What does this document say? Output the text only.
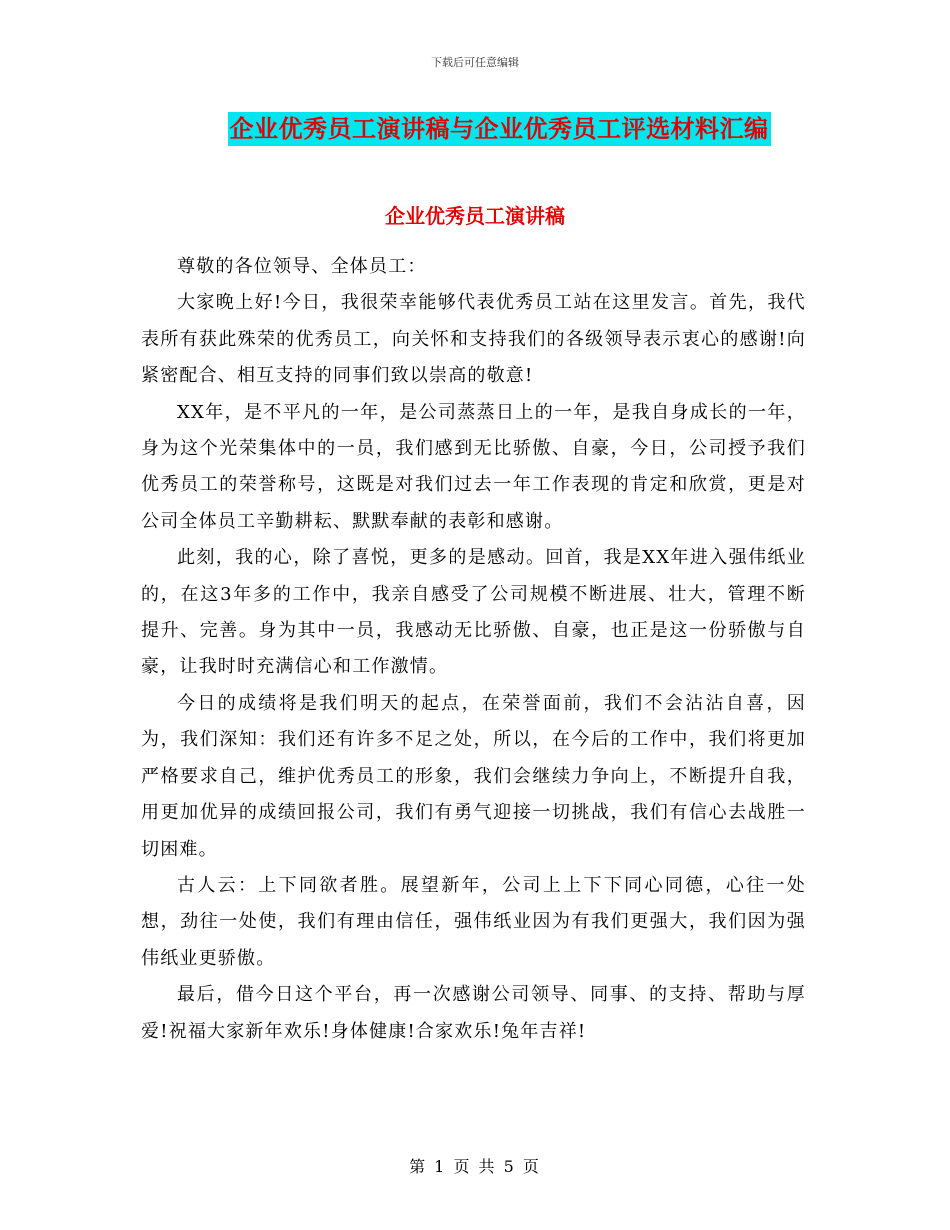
下载后可任意编辑
企业优秀员工演讲稿与企业优秀员工评选材料汇编
企业优秀员工演讲稿

尊敬的各位领导、全体员工：

大家晚上好!今日，我很荣幸能够代表优秀员工站在这里发言。首先，我代表所有获此殊荣的优秀员工，向关怀和支持我们的各级领导表示衷心的感谢!向紧密配合、相互支持的同事们致以崇高的敬意!

XX年，是不平凡的一年，是公司蒸蒸日上的一年，是我自身成长的一年，身为这个光荣集体中的一员，我们感到无比骄傲、自豪，今日，公司授予我们优秀员工的荣誉称号，这既是对我们过去一年工作表现的肯定和欣赏，更是对公司全体员工辛勤耕耘、默默奉献的表彰和感谢。

此刻，我的心，除了喜悦，更多的是感动。回首，我是XX年进入强伟纸业的，在这3年多的工作中，我亲自感受了公司规模不断进展、壮大，管理不断提升、完善。身为其中一员，我感动无比骄傲、自豪，也正是这一份骄傲与自豪，让我时时充满信心和工作激情。

今日的成绩将是我们明天的起点，在荣誉面前，我们不会沾沾自喜，因为，我们深知：我们还有许多不足之处，所以，在今后的工作中，我们将更加严格要求自己，维护优秀员工的形象，我们会继续力争向上，不断提升自我，用更加优异的成绩回报公司，我们有勇气迎接一切挑战，我们有信心去战胜一切困难。

古人云：上下同欲者胜。展望新年，公司上上下下同心同德，心往一处想，劲往一处使，我们有理由信任，强伟纸业因为有我们更强大，我们因为强伟纸业更骄傲。

最后，借今日这个平台，再一次感谢公司领导、同事、的支持、帮助与厚爱!祝福大家新年欢乐!身体健康!合家欢乐!兔年吉祥!

第 1 页 共 5 页
